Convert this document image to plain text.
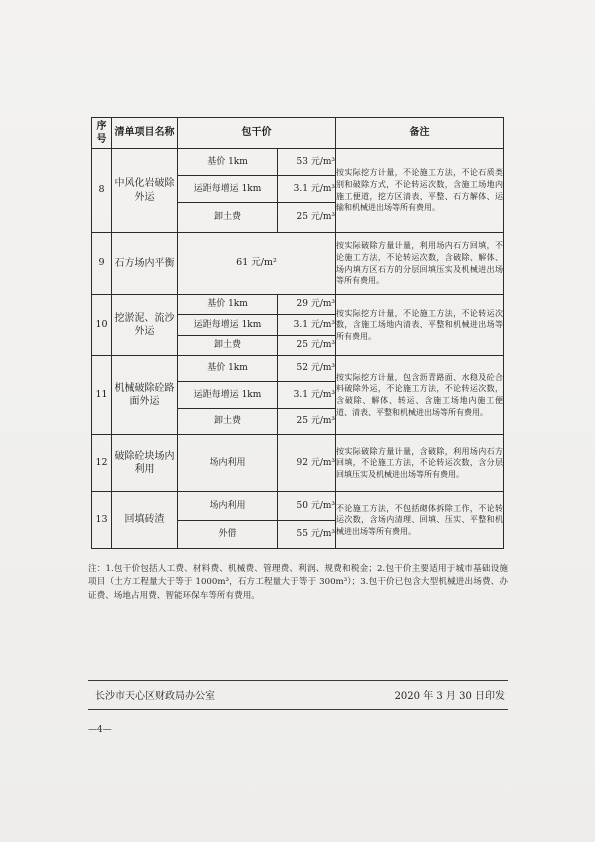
序号	清单项目名称	包干价		备注
8	中风化岩破除外运	基价 1km	53 元/m³	按实际挖方计量，不论施工方法，不论石质类别和破除方式，不论转运次数，含施工场地内施工便道，挖方区清表、平整、石方解体、运输和机械进出场等所有费用。
		运距每增运 1km	3.1 元/m³	
		卸土费	25 元/m³	
9	石方场内平衡	61 元/m²		按实际破除方量计量，利用场内石方回填，不论施工方法，不论转运次数，含破除、解体、场内填方区石方的分层回填压实及机械进出场等所有费用。
10	挖淤泥、流沙外运	基价 1km	29 元/m³	按实际挖方计量，不论施工方法，不论转运次数，含施工场地内清表、平整和机械进出场等所有费用。
		运距每增运 1km	3.1 元/m³	
		卸土费	25 元/m³	
11	机械破除砼路面外运	基价 1km	52 元/m³	按实际挖方计量，包含沥青路面、水稳及砼合料破除外运，不论施工方法，不论转运次数，含破除、解体、转运、含施工场地内施工便道、清表、平整和机械进出场等所有费用。
		运距每增运 1km	3.1 元/m³	
		卸土费	25 元/m³	
12	破除砼块场内利用	场内利用	92 元/m³	按实际破除方量计量，含破除，利用场内石方回填，不论施工方法，不论转运次数，含分层回填压实及机械进出场等所有费用。
13	回填砖渣	场内利用	50 元/m³	不论施工方法，不包括砌体拆除工作，不论转运次数，含场内清理、回填、压实、平整和机械进出场等所有费用。
		外借	55 元/m³	
注：1.包干价包括人工费、材料费、机械费、管理费、利润、规费和税金；2.包干价主要适用于城市基础设施项目（土方工程量大于等于 1000m³，石方工程量大于等于 300m³）；3.包干价已包含大型机械进出场费、办证费、场地占用费、智能环保车等所有费用。
长沙市天心区财政局办公室	2020 年 3 月 30 日印发
—4—
